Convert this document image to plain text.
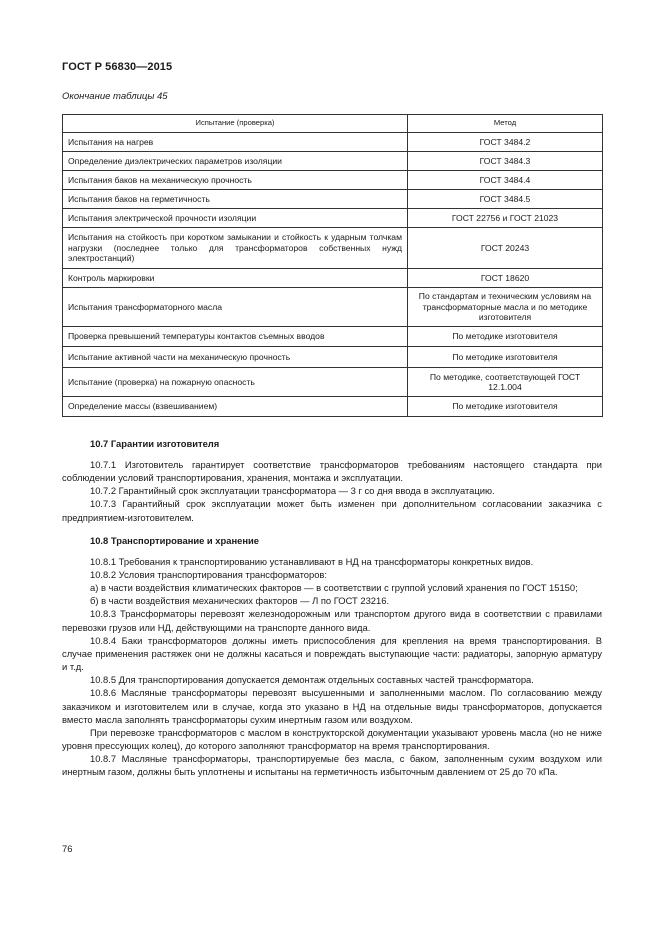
ГОСТ Р 56830—2015
Окончание таблицы 45
Испытание (проверка)	Метод
Испытания на нагрев	ГОСТ 3484.2
Определение диэлектрических параметров изоляции	ГОСТ 3484.3
Испытания баков на механическую прочность	ГОСТ 3484.4
Испытания баков на герметичность	ГОСТ 3484.5
Испытания электрической прочности изоляции	ГОСТ 22756 и ГОСТ 21023
Испытания на стойкость при коротком замыкании и стойкость к ударным толчкам нагрузки (последнее только для трансформаторов собственных нужд электростанций)	ГОСТ 20243
Контроль маркировки	ГОСТ 18620
Испытания трансформаторного масла	По стандартам и техническим условиям на трансформаторные масла и по методике изготовителя
Проверка превышений температуры контактов съемных вводов	По методике изготовителя
Испытание активной части на механическую прочность	По методике изготовителя
Испытание (проверка) на пожарную опасность	По методике, соответствующей ГОСТ 12.1.004
Определение массы (взвешиванием)	По методике изготовителя
10.7 Гарантии изготовителя

10.7.1 Изготовитель гарантирует соответствие трансформаторов требованиям настоящего стандарта при соблюдении условий транспортирования, хранения, монтажа и эксплуатации.

10.7.2 Гарантийный срок эксплуатации трансформатора — 3 г со дня ввода в эксплуатацию.

10.7.3 Гарантийный срок эксплуатации может быть изменен при дополнительном согласовании заказчика с предприятием-изготовителем.

10.8 Транспортирование и хранение

10.8.1 Требования к транспортированию устанавливают в НД на трансформаторы конкретных видов.

10.8.2 Условия транспортирования трансформаторов:

а) в части воздействия климатических факторов — в соответствии с группой условий хранения по ГОСТ 15150;

б) в части воздействия механических факторов — Л по ГОСТ 23216.

10.8.3 Трансформаторы перевозят железнодорожным или транспортом другого вида в соответствии с правилами перевозки грузов или НД, действующими на транспорте данного вида.

10.8.4 Баки трансформаторов должны иметь приспособления для крепления на время транспортирования. В случае применения растяжек они не должны касаться и повреждать выступающие части: радиаторы, запорную арматуру и т.д.

10.8.5 Для транспортирования допускается демонтаж отдельных составных частей трансформатора.

10.8.6 Масляные трансформаторы перевозят высушенными и заполненными маслом. По согласованию между заказчиком и изготовителем или в случае, когда это указано в НД на отдельные виды трансформаторов, допускается вместо масла заполнять трансформаторы сухим инертным газом или воздухом.

При перевозке трансформаторов с маслом в конструкторской документации указывают уровень масла (но не ниже уровня прессующих колец), до которого заполняют трансформатор на время транспортирования.

10.8.7 Масляные трансформаторы, транспортируемые без масла, с баком, заполненным сухим воздухом или инертным газом, должны быть уплотнены и испытаны на герметичность избыточным давлением от 25 до 70 кПа.

76
